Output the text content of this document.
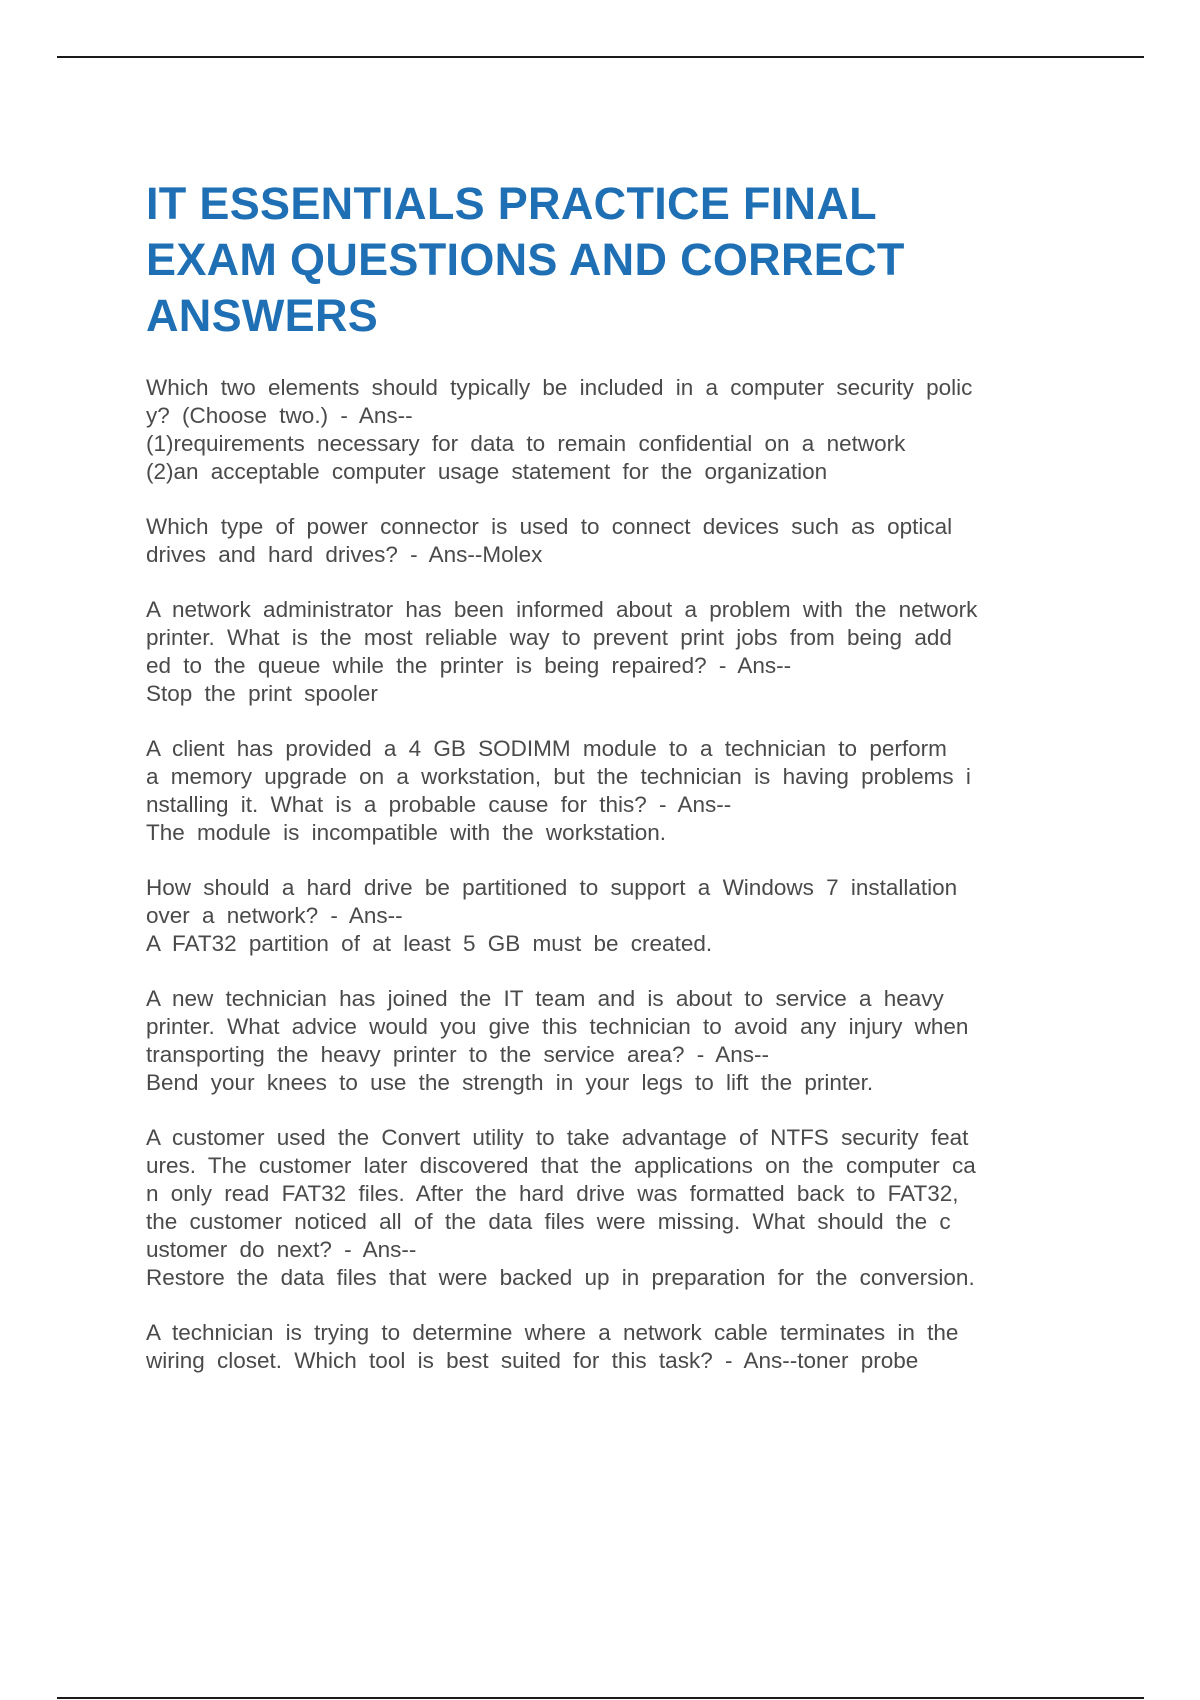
IT ESSENTIALS PRACTICE FINAL
EXAM QUESTIONS AND CORRECT
ANSWERS

Which two elements should typically be included in a computer security polic
y? (Choose two.) - Ans--
(1)requirements necessary for data to remain confidential on a network
(2)an acceptable computer usage statement for the organization

Which type of power connector is used to connect devices such as optical
drives and hard drives? - Ans--Molex

A network administrator has been informed about a problem with the network
printer. What is the most reliable way to prevent print jobs from being add
ed to the queue while the printer is being repaired? - Ans--
Stop the print spooler

A client has provided a 4 GB SODIMM module to a technician to perform
a memory upgrade on a workstation, but the technician is having problems i
nstalling it. What is a probable cause for this? - Ans--
The module is incompatible with the workstation.

How should a hard drive be partitioned to support a Windows 7 installation
over a network? - Ans--
A FAT32 partition of at least 5 GB must be created.

A new technician has joined the IT team and is about to service a heavy
printer. What advice would you give this technician to avoid any injury when
transporting the heavy printer to the service area? - Ans--
Bend your knees to use the strength in your legs to lift the printer.

A customer used the Convert utility to take advantage of NTFS security feat
ures. The customer later discovered that the applications on the computer ca
n only read FAT32 files. After the hard drive was formatted back to FAT32,
the customer noticed all of the data files were missing. What should the c
ustomer do next? - Ans--
Restore the data files that were backed up in preparation for the conversion.

A technician is trying to determine where a network cable terminates in the
wiring closet. Which tool is best suited for this task? - Ans--toner probe
